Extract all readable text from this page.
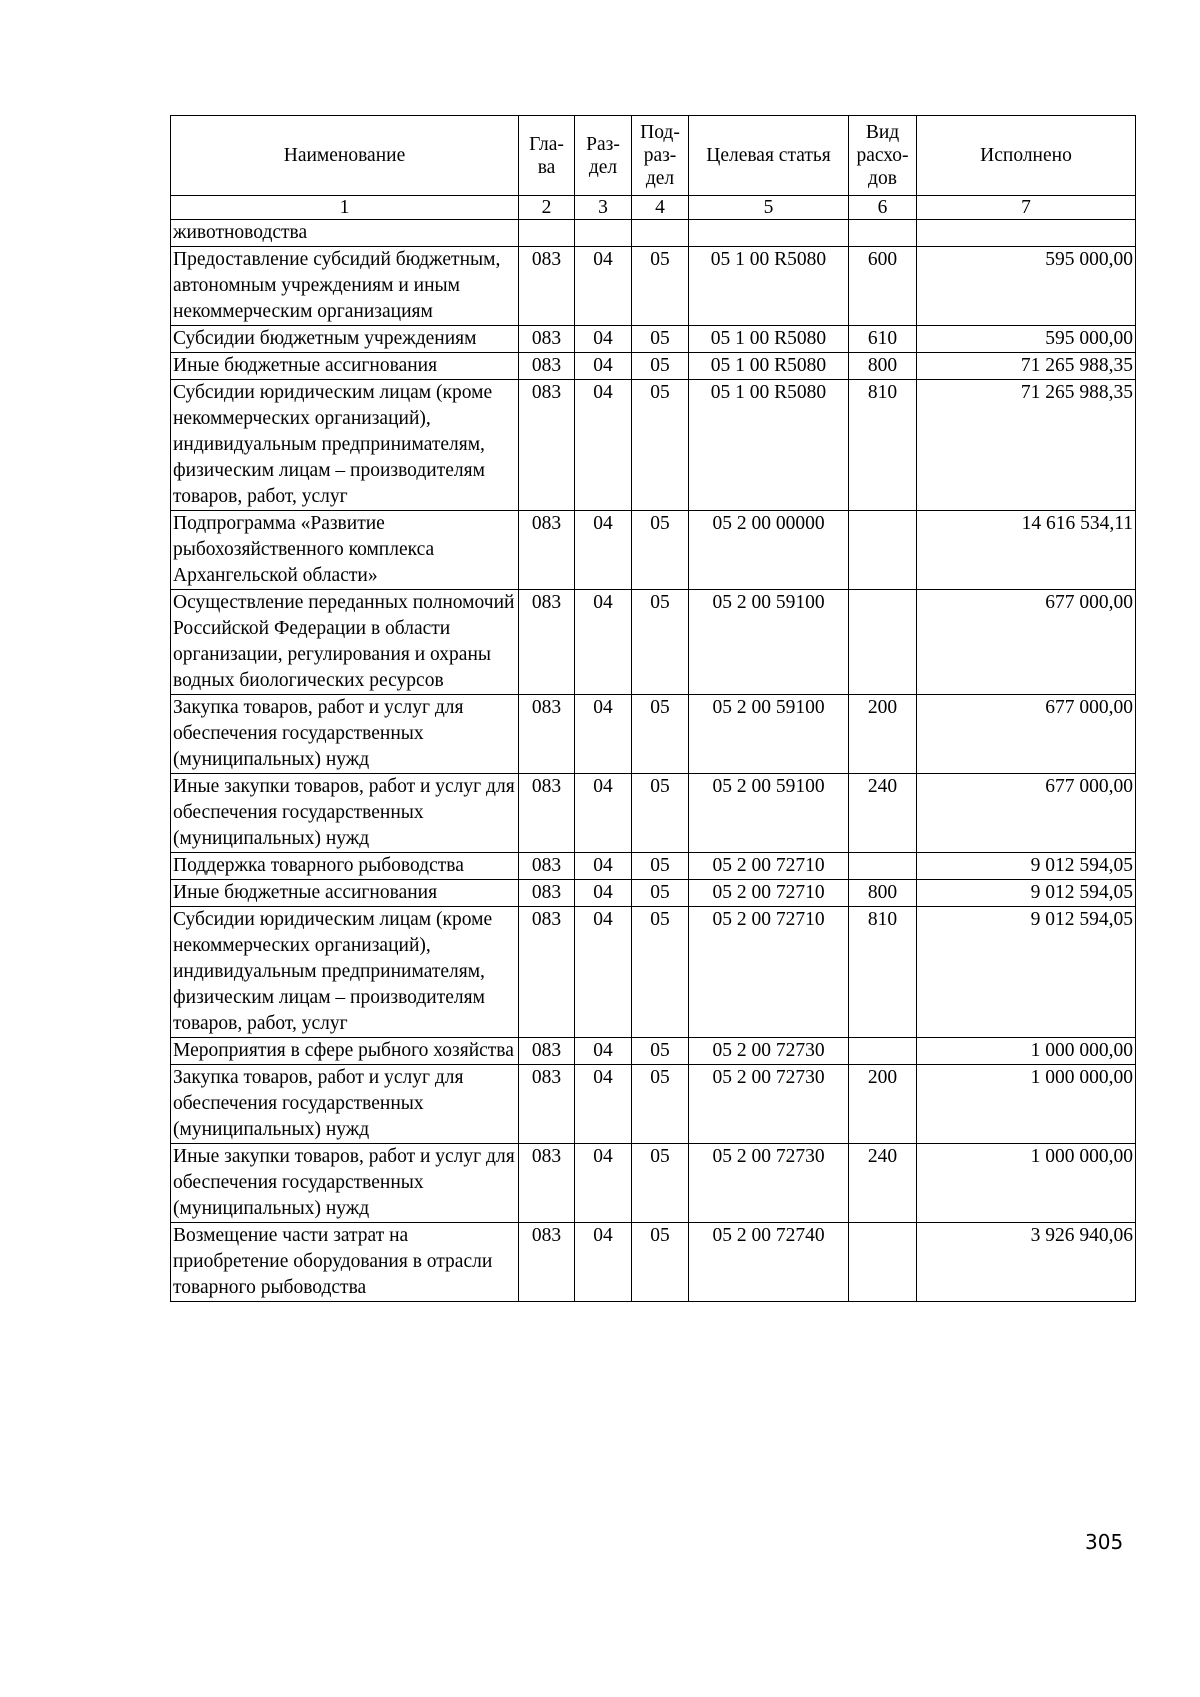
Наименование	Гла-ва	Раз-дел	Под-раз-дел	Целевая статья	Вид расхо-дов	Исполнено
1	2	3	4	5	6	7
животноводства						
Предоставление субсидий бюджетным, автономным учреждениям и иным некоммерческим организациям	083	04	05	05 1 00 R5080	600	595 000,00
Субсидии бюджетным учреждениям	083	04	05	05 1 00 R5080	610	595 000,00
Иные бюджетные ассигнования	083	04	05	05 1 00 R5080	800	71 265 988,35
Субсидии юридическим лицам (кроме некоммерческих организаций), индивидуальным предпринимателям, физическим лицам – производителям товаров, работ, услуг	083	04	05	05 1 00 R5080	810	71 265 988,35
Подпрограмма «Развитие рыбохозяйственного комплекса Архангельской области»	083	04	05	05 2 00 00000		14 616 534,11
Осуществление переданных полномочий Российской Федерации в области организации, регулирования и охраны водных биологических ресурсов	083	04	05	05 2 00 59100		677 000,00
Закупка товаров, работ и услуг для обеспечения государственных (муниципальных) нужд	083	04	05	05 2 00 59100	200	677 000,00
Иные закупки товаров, работ и услуг для обеспечения государственных (муниципальных) нужд	083	04	05	05 2 00 59100	240	677 000,00
Поддержка товарного рыбоводства	083	04	05	05 2 00 72710		9 012 594,05
Иные бюджетные ассигнования	083	04	05	05 2 00 72710	800	9 012 594,05
Субсидии юридическим лицам (кроме некоммерческих организаций), индивидуальным предпринимателям, физическим лицам – производителям товаров, работ, услуг	083	04	05	05 2 00 72710	810	9 012 594,05
Мероприятия в сфере рыбного хозяйства	083	04	05	05 2 00 72730		1 000 000,00
Закупка товаров, работ и услуг для обеспечения государственных (муниципальных) нужд	083	04	05	05 2 00 72730	200	1 000 000,00
Иные закупки товаров, работ и услуг для обеспечения государственных (муниципальных) нужд	083	04	05	05 2 00 72730	240	1 000 000,00
Возмещение части затрат на приобретение оборудования в отрасли товарного рыбоводства	083	04	05	05 2 00 72740		3 926 940,06
305
